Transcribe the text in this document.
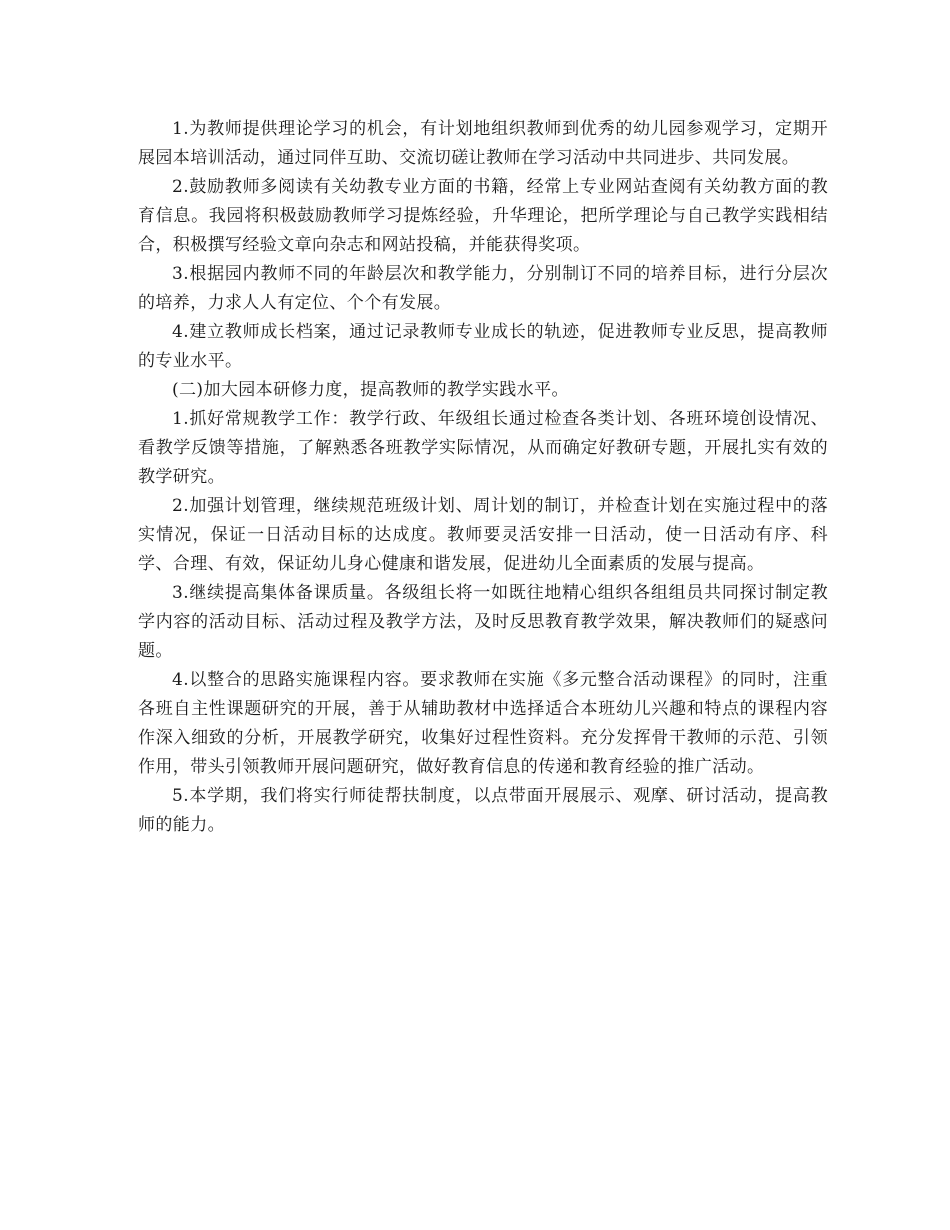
1.为教师提供理论学习的机会，有计划地组织教师到优秀的幼儿园参观学习，定期开展园本培训活动，通过同伴互助、交流切磋让教师在学习活动中共同进步、共同发展。

2.鼓励教师多阅读有关幼教专业方面的书籍，经常上专业网站查阅有关幼教方面的教育信息。我园将积极鼓励教师学习提炼经验，升华理论，把所学理论与自己教学实践相结合，积极撰写经验文章向杂志和网站投稿，并能获得奖项。

3.根据园内教师不同的年龄层次和教学能力，分别制订不同的培养目标，进行分层次的培养，力求人人有定位、个个有发展。

4.建立教师成长档案，通过记录教师专业成长的轨迹，促进教师专业反思，提高教师的专业水平。

(二)加大园本研修力度，提高教师的教学实践水平。

1.抓好常规教学工作：教学行政、年级组长通过检查各类计划、各班环境创设情况、看教学反馈等措施，了解熟悉各班教学实际情况，从而确定好教研专题，开展扎实有效的教学研究。

2.加强计划管理，继续规范班级计划、周计划的制订，并检查计划在实施过程中的落实情况，保证一日活动目标的达成度。教师要灵活安排一日活动，使一日活动有序、科学、合理、有效，保证幼儿身心健康和谐发展，促进幼儿全面素质的发展与提高。

3.继续提高集体备课质量。各级组长将一如既往地精心组织各组组员共同探讨制定教学内容的活动目标、活动过程及教学方法，及时反思教育教学效果，解决教师们的疑惑问题。

4.以整合的思路实施课程内容。要求教师在实施《多元整合活动课程》的同时，注重各班自主性课题研究的开展，善于从辅助教材中选择适合本班幼儿兴趣和特点的课程内容作深入细致的分析，开展教学研究，收集好过程性资料。充分发挥骨干教师的示范、引领作用，带头引领教师开展问题研究，做好教育信息的传递和教育经验的推广活动。

5.本学期，我们将实行师徒帮扶制度，以点带面开展展示、观摩、研讨活动，提高教师的能力。
